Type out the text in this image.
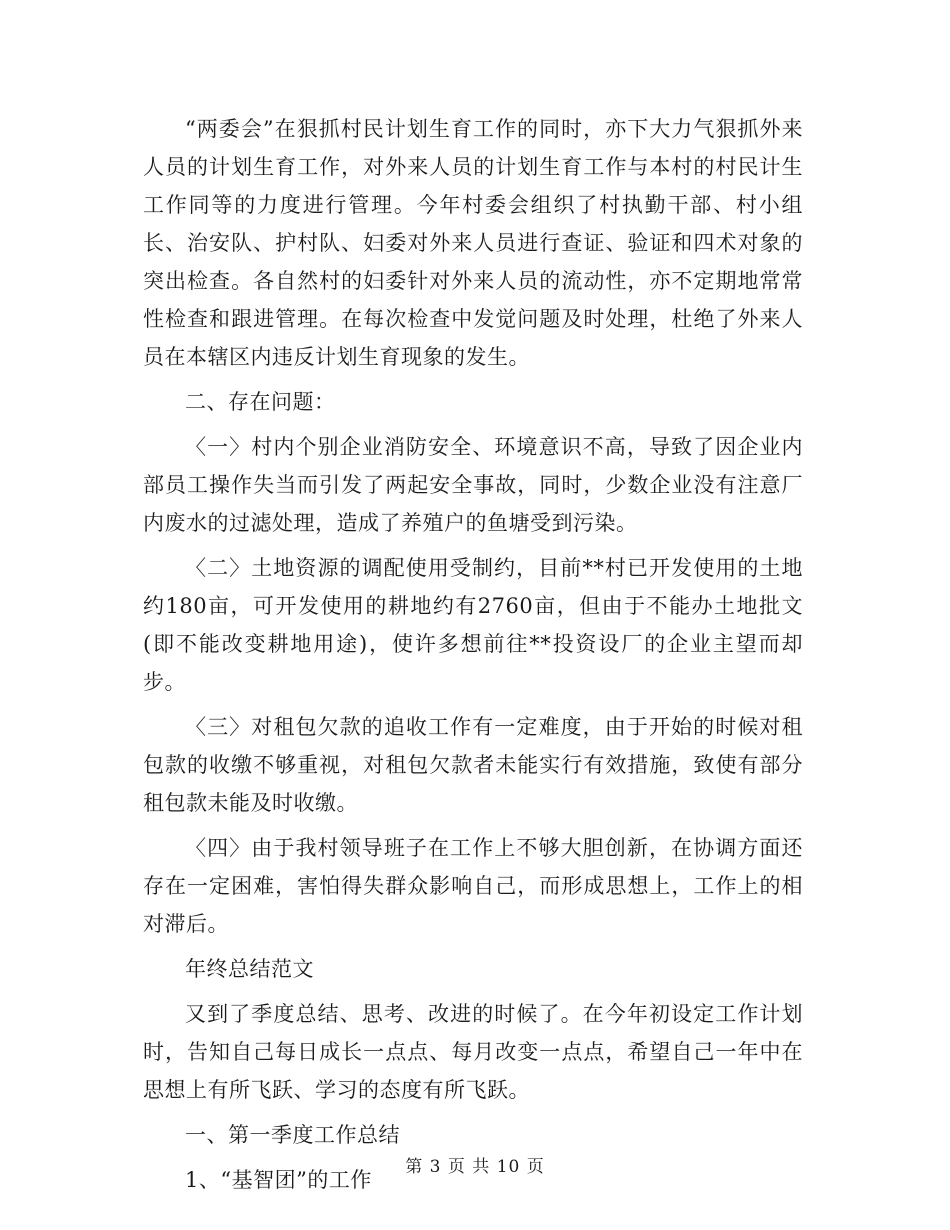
“两委会”在狠抓村民计划生育工作的同时，亦下大力气狠抓外来人员的计划生育工作，对外来人员的计划生育工作与本村的村民计生工作同等的力度进行管理。今年村委会组织了村执勤干部、村小组长、治安队、护村队、妇委对外来人员进行查证、验证和四术对象的突出检查。各自然村的妇委针对外来人员的流动性，亦不定期地常常性检查和跟进管理。在每次检查中发觉问题及时处理，杜绝了外来人员在本辖区内违反计划生育现象的发生。

二、存在问题：

〈一〉村内个别企业消防安全、环境意识不高，导致了因企业内部员工操作失当而引发了两起安全事故，同时，少数企业没有注意厂内废水的过滤处理，造成了养殖户的鱼塘受到污染。

〈二〉土地资源的调配使用受制约，目前**村已开发使用的土地约180亩，可开发使用的耕地约有2760亩，但由于不能办土地批文(即不能改变耕地用途)，使许多想前往**投资设厂的企业主望而却步。

〈三〉对租包欠款的追收工作有一定难度，由于开始的时候对租包款的收缴不够重视，对租包欠款者未能实行有效措施，致使有部分租包款未能及时收缴。

〈四〉由于我村领导班子在工作上不够大胆创新，在协调方面还存在一定困难，害怕得失群众影响自己，而形成思想上，工作上的相对滞后。

年终总结范文

又到了季度总结、思考、改进的时候了。在今年初设定工作计划时，告知自己每日成长一点点、每月改变一点点，希望自己一年中在思想上有所飞跃、学习的态度有所飞跃。

一、第一季度工作总结

1、“基智团”的工作

第 3 页 共 10 页
